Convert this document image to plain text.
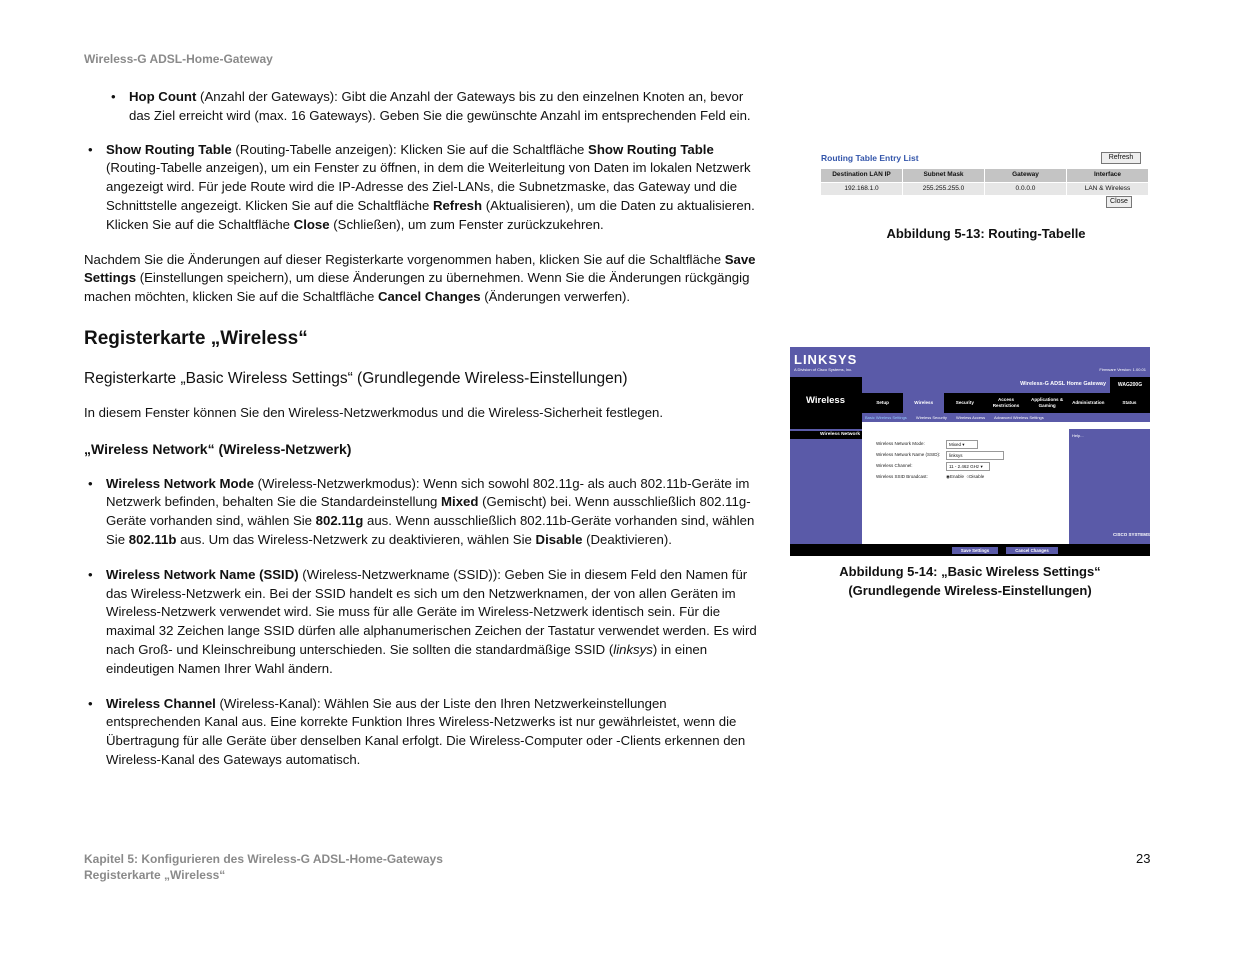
Wireless-G ADSL-Home-Gateway

• Hop Count (Anzahl der Gateways): Gibt die Anzahl der Gateways bis zu den einzelnen Knoten an, bevor das Ziel erreicht wird (max. 16 Gateways). Geben Sie die gewünschte Anzahl im entsprechenden Feld ein.

• Show Routing Table (Routing-Tabelle anzeigen): Klicken Sie auf die Schaltfläche Show Routing Table (Routing-Tabelle anzeigen), um ein Fenster zu öffnen, in dem die Weiterleitung von Daten im lokalen Netzwerk angezeigt wird. Für jede Route wird die IP-Adresse des Ziel-LANs, die Subnetzmaske, das Gateway und die Schnittstelle angezeigt. Klicken Sie auf die Schaltfläche Refresh (Aktualisieren), um die Daten zu aktualisieren. Klicken Sie auf die Schaltfläche Close (Schließen), um zum Fenster zurückzukehren.

Nachdem Sie die Änderungen auf dieser Registerkarte vorgenommen haben, klicken Sie auf die Schaltfläche Save Settings (Einstellungen speichern), um diese Änderungen zu übernehmen. Wenn Sie die Änderungen rückgängig machen möchten, klicken Sie auf die Schaltfläche Cancel Changes (Änderungen verwerfen).

Registerkarte „Wireless“

Registerkarte „Basic Wireless Settings“ (Grundlegende Wireless-Einstellungen)

In diesem Fenster können Sie den Wireless-Netzwerkmodus und die Wireless-Sicherheit festlegen.

„Wireless Network“ (Wireless-Netzwerk)

• Wireless Network Mode (Wireless-Netzwerkmodus): Wenn sich sowohl 802.11g- als auch 802.11b-Geräte im Netzwerk befinden, behalten Sie die Standardeinstellung Mixed (Gemischt) bei. Wenn ausschließlich 802.11g-Geräte vorhanden sind, wählen Sie 802.11g aus. Wenn ausschließlich 802.11b-Geräte vorhanden sind, wählen Sie 802.11b aus. Um das Wireless-Netzwerk zu deaktivieren, wählen Sie Disable (Deaktivieren).

• Wireless Network Name (SSID) (Wireless-Netzwerkname (SSID)): Geben Sie in diesem Feld den Namen für das Wireless-Netzwerk ein. Bei der SSID handelt es sich um den Netzwerknamen, der von allen Geräten im Wireless-Netzwerk verwendet wird. Sie muss für alle Geräte im Wireless-Netzwerk identisch sein. Für die maximal 32 Zeichen lange SSID dürfen alle alphanumerischen Zeichen der Tastatur verwendet werden. Es wird nach Groß- und Kleinschreibung unterschieden. Sie sollten die standardmäßige SSID (linksys) in einen eindeutigen Namen Ihrer Wahl ändern.

• Wireless Channel (Wireless-Kanal): Wählen Sie aus der Liste den Ihren Netzwerkeinstellungen entsprechenden Kanal aus. Eine korrekte Funktion Ihres Wireless-Netzwerks ist nur gewährleistet, wenn die Übertragung für alle Geräte über denselben Kanal erfolgt. Die Wireless-Computer oder -Clients erkennen den Wireless-Kanal des Gateways automatisch.

Routing Table Entry List	Refresh
Destination LAN IP	Subnet Mask	Gateway	Interface
192.168.1.0	255.255.255.0	0.0.0.0	LAN & Wireless
Close
Abbildung 5-13: Routing-Tabelle
LINKSYS
A Division of Cisco Systems, Inc.	Firmware Version: 1.00.01
Wireless
Wireless-G ADSL Home Gateway	WAG200G
Setup	Wireless	Security
Access Restrictions
Applications & Gaming
Administration	Status
Basic Wireless Settings Wireless Security Wireless Access Advanced Wireless Settings
Wireless Network
Wireless Network Mode:	Mixed ▾
Wireless Network Name (SSID):	linksys
Wireless Channel:	11 - 2.462 GHz ▾
Wireless SSID Broadcast:	◉Enable ○Disable
Help...
CISCO SYSTEMS
Save Settings	Cancel Changes
Abbildung 5-14: „Basic Wireless Settings“
(Grundlegende Wireless-Einstellungen)
Kapitel 5: Konfigurieren des Wireless-G ADSL-Home-Gateways
Registerkarte „Wireless“
23
